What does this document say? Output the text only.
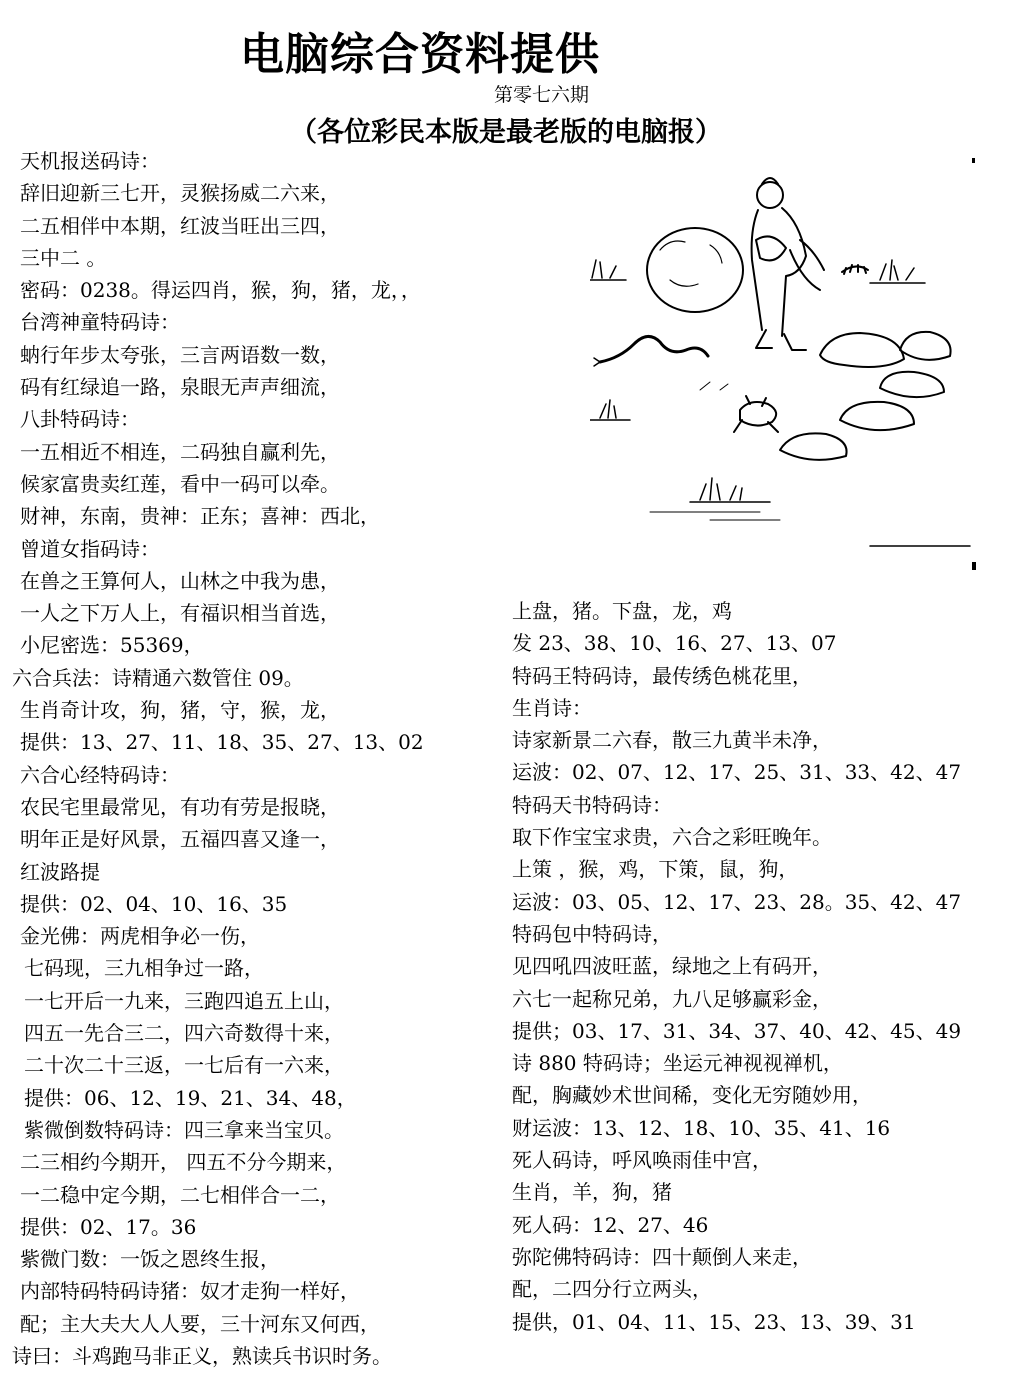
电脑综合资料提供
第零七六期
（各位彩民本版是最老版的电脑报）
天机报送码诗：
辞旧迎新三七开，灵猴扬威二六来，
二五相伴中本期，红波当旺出三四，
三中二 。
密码：0238。得运四肖，猴，狗，猪，龙，，
台湾神童特码诗：
蚋行年步太夸张，三言两语数一数，
码有红绿追一路，泉眼无声声细流，
八卦特码诗：
一五相近不相连，二码独自赢利先，
候家富贵卖红莲，看中一码可以牵。
财神，东南，贵神：正东；喜神：西北，
曾道女指码诗：
在兽之王算何人，山林之中我为患，
一人之下万人上，有福识相当首选，
小尼密选：55369，
六合兵法：诗精通六数管住 09。
生肖奇计攻，狗，猪，守，猴，龙，
提供：13、27、11、18、35、27、13、02
六合心经特码诗：
农民宅里最常见，有功有劳是报晓，
明年正是好风景，五福四喜又逢一，
红波路提
提供：02、04、10、16、35
金光佛：两虎相争必一伤，
七码现，三九相争过一路，
一七开后一九来，三跑四追五上山，
四五一先合三二，四六奇数得十来，
二十次二十三返，一七后有一六来，
提供：06、12、19、21、34、48，
紫微倒数特码诗：四三拿来当宝贝。
二三相约今期开， 四五不分今期来，
一二稳中定今期，二七相伴合一二，
提供：02、17。36
紫微门数：一饭之恩终生报，
内部特码特码诗猪：奴才走狗一样好，
配；主大夫大人人要，三十河东又何西，
诗曰：斗鸡跑马非正义，熟读兵书识时务。
上盘，猪。下盘，龙，鸡
发 23、38、10、16、27、13、07
特码王特码诗，最传绣色桃花里，
生肖诗：
诗家新景二六春，散三九黄半未净，
运波：02、07、12、17、25、31、33、42、47
特码天书特码诗：
取下作宝宝求贵，六合之彩旺晚年。
上策 ，猴，鸡，下策，鼠，狗，
运波：03、05、12、17、23、28。35、42、47
特码包中特码诗，
见四吼四波旺蓝，绿地之上有码开，
六七一起称兄弟，九八足够赢彩金，
提供；03、17、31、34、37、40、42、45、49
诗 880 特码诗；坐运元神视视禅机，
配，胸藏妙术世间稀，变化无穷随妙用，
财运波：13、12、18、10、35、41、16
死人码诗，呼风唤雨佳中宫，
生肖，羊，狗，猪
死人码：12、27、46
弥陀佛特码诗：四十颠倒人来走，
配，二四分行立两头，
提供，01、04、11、15、23、13、39、31
